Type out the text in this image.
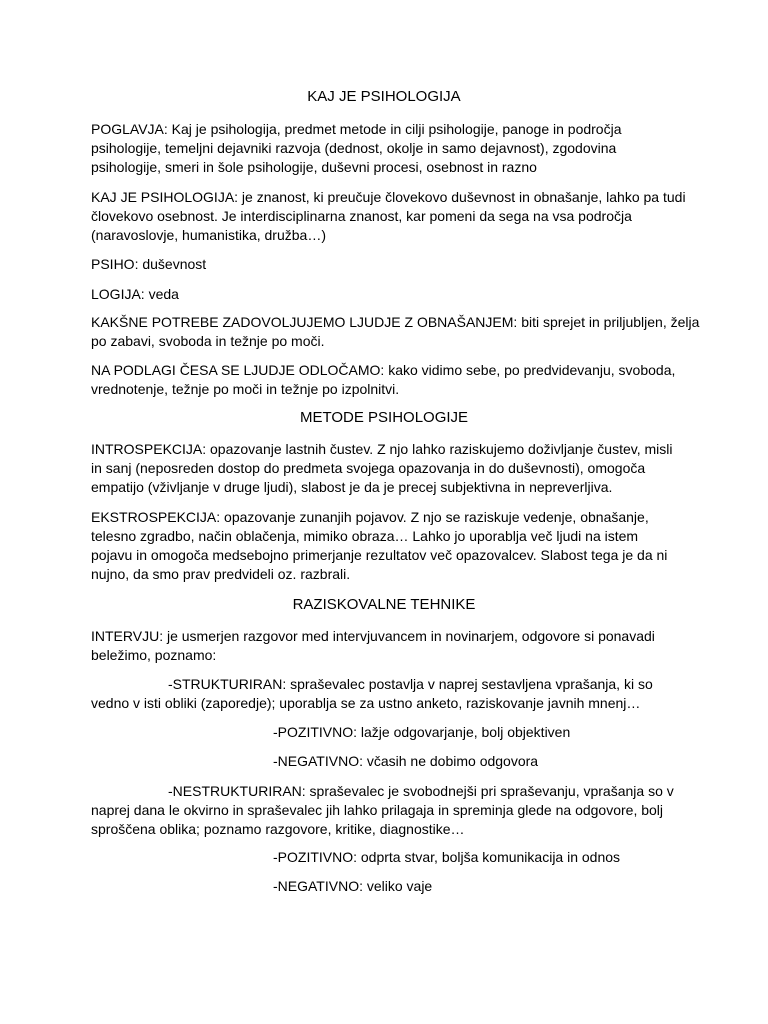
KAJ JE PSIHOLOGIJA
POGLAVJA: Kaj je psihologija, predmet metode in cilji psihologije, panoge in področja
psihologije, temeljni dejavniki razvoja (dednost, okolje in samo dejavnost), zgodovina
psihologije, smeri in šole psihologije, duševni procesi, osebnost in razno
KAJ JE PSIHOLOGIJA: je znanost, ki preučuje človekovo duševnost in obnašanje, lahko pa tudi
človekovo osebnost. Je interdisciplinarna znanost, kar pomeni da sega na vsa področja
(naravoslovje, humanistika, družba…)
PSIHO: duševnost
LOGIJA: veda
KAKŠNE POTREBE ZADOVOLJUJEMO LJUDJE Z OBNAŠANJEM: biti sprejet in priljubljen, želja
po zabavi, svoboda in težnje po moči.
NA PODLAGI ČESA SE LJUDJE ODLOČAMO: kako vidimo sebe, po predvidevanju, svoboda,
vrednotenje, težnje po moči in težnje po izpolnitvi.
METODE PSIHOLOGIJE
INTROSPEKCIJA: opazovanje lastnih čustev. Z njo lahko raziskujemo doživljanje čustev, misli
in sanj (neposreden dostop do predmeta svojega opazovanja in do duševnosti), omogoča
empatijo (vživljanje v druge ljudi), slabost je da je precej subjektivna in nepreverljiva.
EKSTROSPEKCIJA: opazovanje zunanjih pojavov. Z njo se raziskuje vedenje, obnašanje,
telesno zgradbo, način oblačenja, mimiko obraza… Lahko jo uporablja več ljudi na istem
pojavu in omogoča medsebojno primerjanje rezultatov več opazovalcev. Slabost tega je da ni
nujno, da smo prav predvideli oz. razbrali.
RAZISKOVALNE TEHNIKE
INTERVJU: je usmerjen razgovor med intervjuvancem in novinarjem, odgovore si ponavadi
beležimo, poznamo:
-STRUKTURIRAN: spraševalec postavlja v naprej sestavljena vprašanja, ki so
vedno v isti obliki (zaporedje); uporablja se za ustno anketo, raziskovanje javnih mnenj…
-POZITIVNO: lažje odgovarjanje, bolj objektiven
-NEGATIVNO: včasih ne dobimo odgovora
-NESTRUKTURIRAN: spraševalec je svobodnejši pri spraševanju, vprašanja so v
naprej dana le okvirno in spraševalec jih lahko prilagaja in spreminja glede na odgovore, bolj
sproščena oblika; poznamo razgovore, kritike, diagnostike…
-POZITIVNO: odprta stvar, boljša komunikacija in odnos
-NEGATIVNO: veliko vaje
